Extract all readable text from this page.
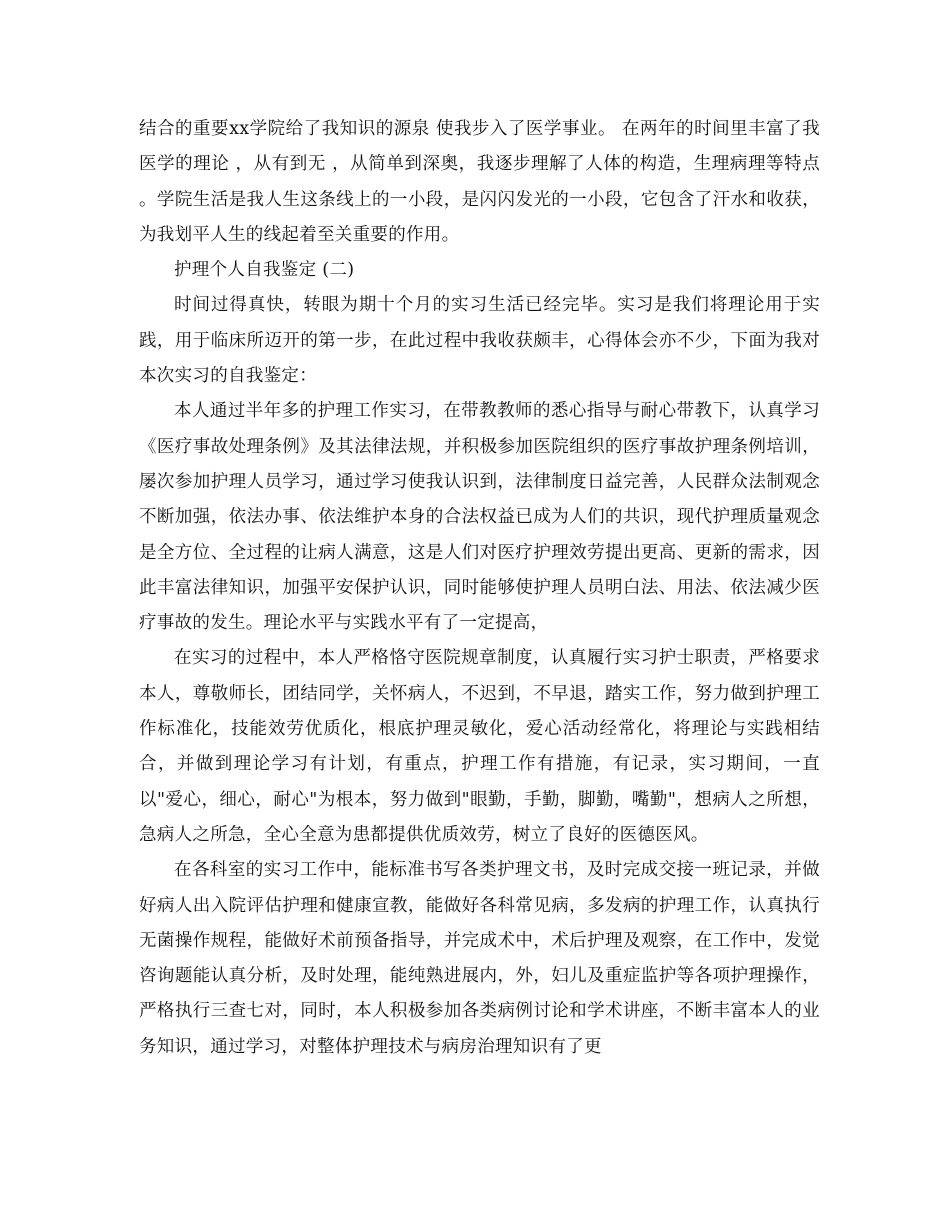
结合的重要xx学院给了我知识的源泉 使我步入了医学事业。 在两年的时间里丰富了我医学的理论 ，从有到无 ，从简单到深奥，我逐步理解了人体的构造，生理病理等特点 。学院生活是我人生这条线上的一小段，是闪闪发光的一小段，它包含了汗水和收获，为我划平人生的线起着至关重要的作用。

护理个人自我鉴定 (二)

时间过得真快，转眼为期十个月的实习生活已经完毕。实习是我们将理论用于实践，用于临床所迈开的第一步，在此过程中我收获颇丰，心得体会亦不少，下面为我对本次实习的自我鉴定：

本人通过半年多的护理工作实习，在带教教师的悉心指导与耐心带教下，认真学习《医疗事故处理条例》及其法律法规，并积极参加医院组织的医疗事故护理条例培训，屡次参加护理人员学习，通过学习使我认识到，法律制度日益完善，人民群众法制观念不断加强，依法办事、依法维护本身的合法权益已成为人们的共识，现代护理质量观念是全方位、全过程的让病人满意，这是人们对医疗护理效劳提出更高、更新的需求，因此丰富法律知识，加强平安保护认识，同时能够使护理人员明白法、用法、依法减少医疗事故的发生。理论水平与实践水平有了一定提高，

在实习的过程中，本人严格恪守医院规章制度，认真履行实习护士职责，严格要求本人，尊敬师长，团结同学，关怀病人，不迟到，不早退，踏实工作，努力做到护理工作标准化，技能效劳优质化，根底护理灵敏化，爱心活动经常化，将理论与实践相结合，并做到理论学习有计划，有重点，护理工作有措施，有记录，实习期间，一直以"爱心，细心，耐心"为根本，努力做到"眼勤，手勤，脚勤，嘴勤"，想病人之所想，急病人之所急，全心全意为患都提供优质效劳，树立了良好的医德医风。

在各科室的实习工作中，能标准书写各类护理文书，及时完成交接一班记录，并做好病人出入院评估护理和健康宣教，能做好各科常见病，多发病的护理工作，认真执行无菌操作规程，能做好术前预备指导，并完成术中，术后护理及观察，在工作中，发觉咨询题能认真分析，及时处理，能纯熟进展内，外，妇儿及重症监护等各项护理操作，严格执行三查七对，同时，本人积极参加各类病例讨论和学术讲座，不断丰富本人的业务知识，通过学习，对整体护理技术与病房治理知识有了更
